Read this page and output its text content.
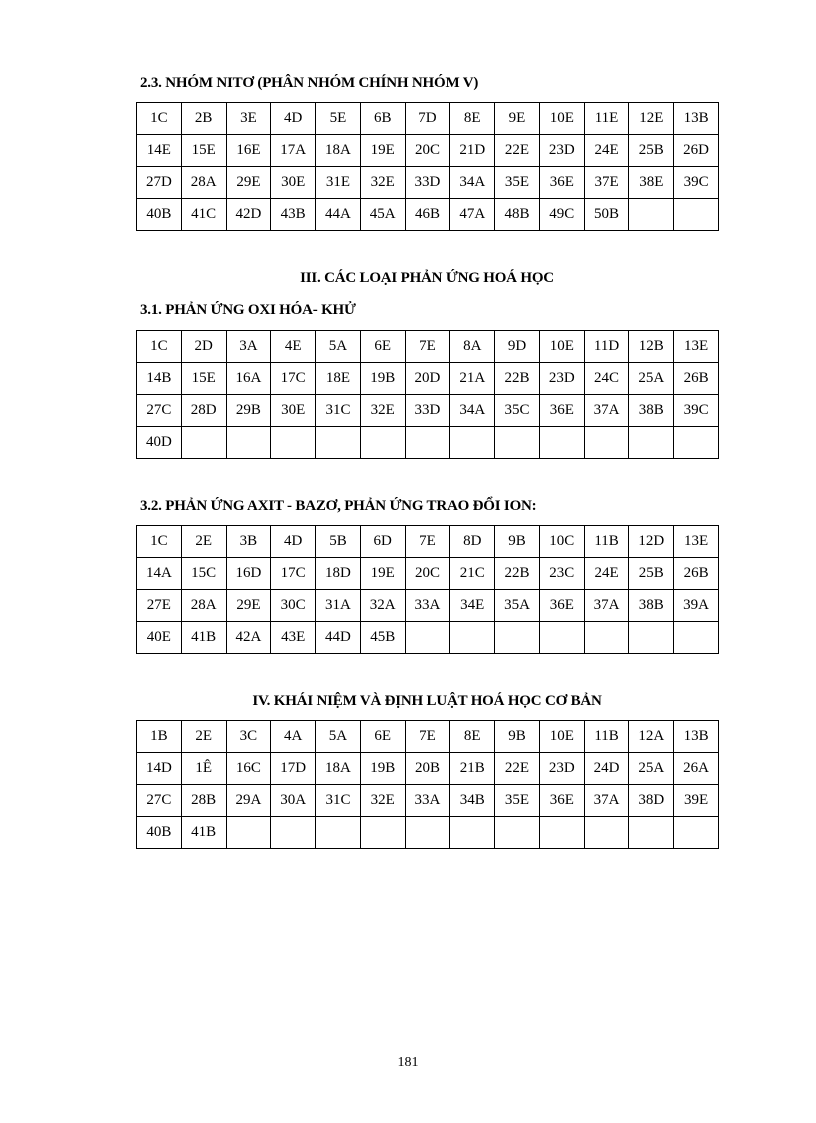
2.3. NHÓM NITƠ (PHÂN NHÓM CHÍNH NHÓM V)
1C	2B	3E	4D	5E	6B	7D	8E	9E	10E	11E	12E	13B
14E	15E	16E	17A	18A	19E	20C	21D	22E	23D	24E	25B	26D
27D	28A	29E	30E	31E	32E	33D	34A	35E	36E	37E	38E	39C
40B	41C	42D	43B	44A	45A	46B	47A	48B	49C	50B		
III. CÁC LOẠI PHẢN ỨNG HOÁ HỌC
3.1. PHẢN ỨNG OXI HÓA- KHỬ
1C	2D	3A	4E	5A	6E	7E	8A	9D	10E	11D	12B	13E
14B	15E	16A	17C	18E	19B	20D	21A	22B	23D	24C	25A	26B
27C	28D	29B	30E	31C	32E	33D	34A	35C	36E	37A	38B	39C
40D												
3.2. PHẢN ỨNG AXIT - BAZƠ, PHẢN ỨNG TRAO ĐỔI ION:
1C	2E	3B	4D	5B	6D	7E	8D	9B	10C	11B	12D	13E
14A	15C	16D	17C	18D	19E	20C	21C	22B	23C	24E	25B	26B
27E	28A	29E	30C	31A	32A	33A	34E	35A	36E	37A	38B	39A
40E	41B	42A	43E	44D	45B							
IV. KHÁI NIỆM VÀ ĐỊNH LUẬT HOÁ HỌC CƠ BẢN
1B	2E	3C	4A	5A	6E	7E	8E	9B	10E	11B	12A	13B
14D	1Ê	16C	17D	18A	19B	20B	21B	22E	23D	24D	25A	26A
27C	28B	29A	30A	31C	32E	33A	34B	35E	36E	37A	38D	39E
40B	41B											
181
